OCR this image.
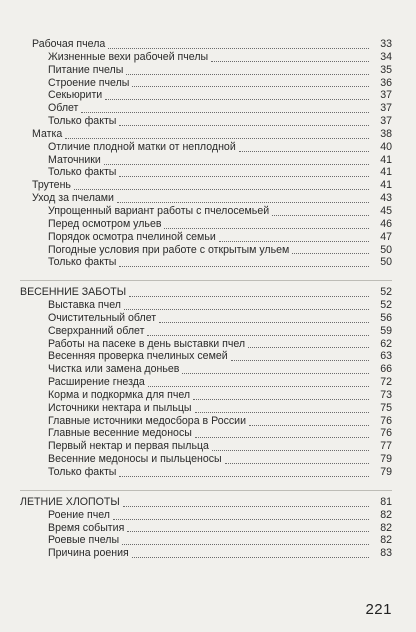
Рабочая пчела	33
Жизненные вехи рабочей пчелы	34
Питание пчелы	35
Строение пчелы	36
Секьюрити	37
Облет	37
Только факты	37
Матка	38
Отличие плодной матки от неплодной	40
Маточники	41
Только факты	41
Трутень	41
Уход за пчелами	43
Упрощенный вариант работы с пчелосемьей	45
Перед осмотром ульев	46
Порядок осмотра пчелиной семьи	47
Погодные условия при работе с открытым ульем	50
Только факты	50
ВЕСЕННИЕ ЗАБОТЫ	52
Выставка пчел	52
Очистительный облет	56
Сверхранний облет	59
Работы на пасеке в день выставки пчел	62
Весенняя проверка пчелиных семей	63
Чистка или замена доньев	66
Расширение гнезда	72
Корма и подкормка для пчел	73
Источники нектара и пыльцы	75
Главные источники медосбора в России	76
Главные весенние медоносы	76
Первый нектар и первая пыльца	77
Весенние медоносы и пыльценосы	79
Только факты	79
ЛЕТНИЕ ХЛОПОТЫ	81
Роение пчел	82
Время события	82
Роевые пчелы	82
Причина роения	83
221
